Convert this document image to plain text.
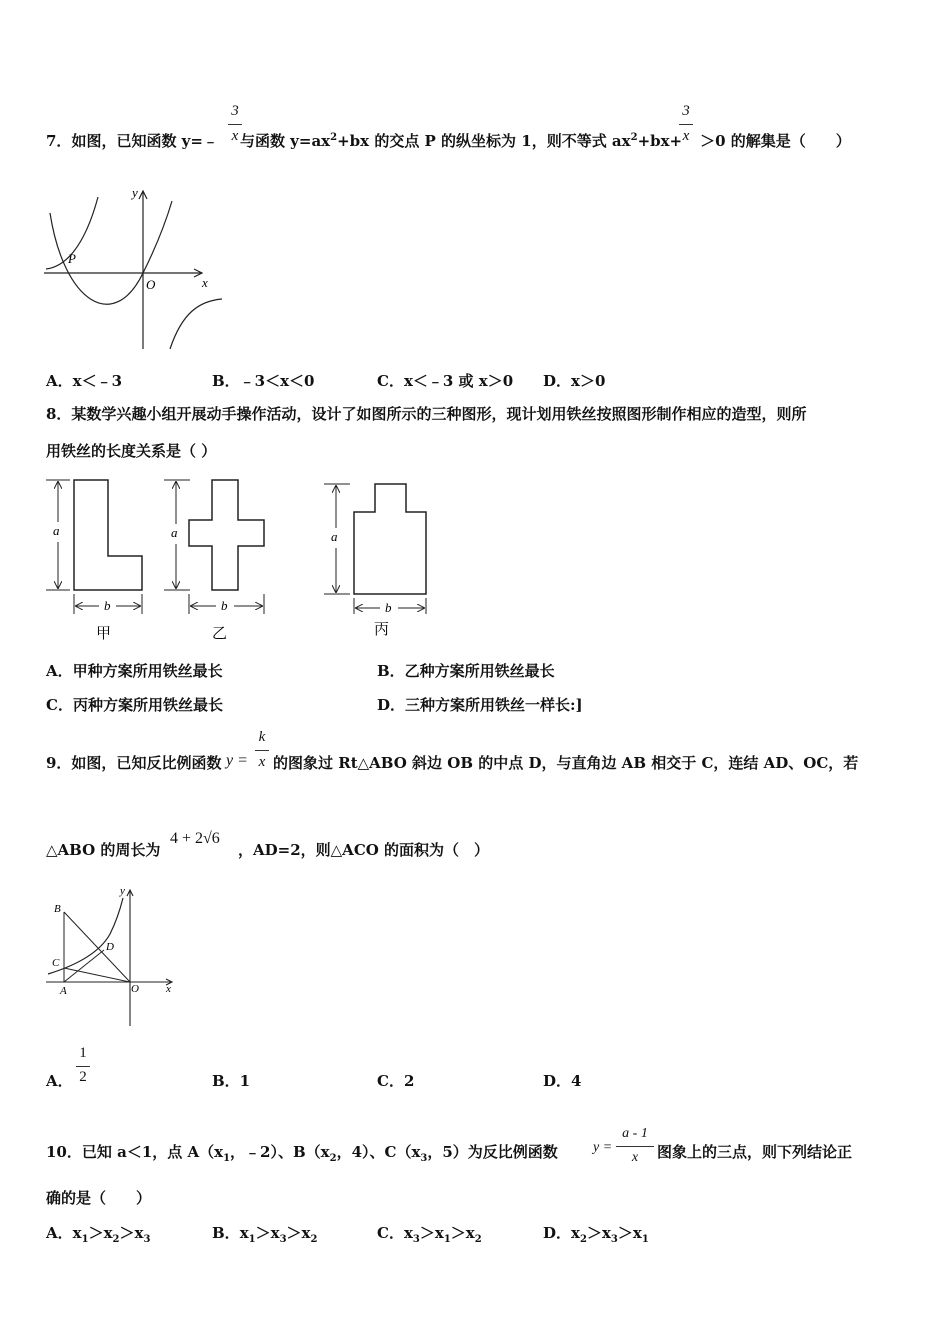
7．如图，已知函数 y=﹣ 与函数 $y=ax^2+bx$ 的交点 P 的纵坐标为 1，则不等式 $ax^2+bx+ >0$ 的解集是（　　）
3
x
3
x
y
x
O
P
A．x＜﹣3	B．﹣3＜x＜0	C．x＜﹣3 或 x＞0 D．x＞0
8．某数学兴趣小组开展动手操作活动，设计了如图所示的三种图形，现计划用铁丝按照图形制作相应的造型，则所
用铁丝的长度关系是（ ）
a
b
甲
a
b
乙
a
b
丙
A．甲种方案所用铁丝最长	B．乙种方案所用铁丝最长
C．丙种方案所用铁丝最长	D．三种方案所用铁丝一样长:]
9．如图，已知反比例函数 y =
k
x 的图象过 Rt△ABO 斜边 OB 的中点 D，与直角边 AB 相交于 C，连结 AD、OC，若
△ABO 的周长为
4 + 2√6
，AD=2，则△ACO 的面积为（　）
B
C
A
D
O x
y
A．
1
2	B．1	C．2	D．4
10．已知 a＜1，点 $A(x_1$，﹣2）、$B(x_2$，4）、$C(x_3$，5）为反比例函数	y =
a - 1
x	图象上的三点，则下列结论正
确的是（　　）
A．$x_1>x_2>x_3$	B．$x_1>x_3>x_2$	C．$x_3>x_1>x_2$	D．$x_2>x_3>x_1$
